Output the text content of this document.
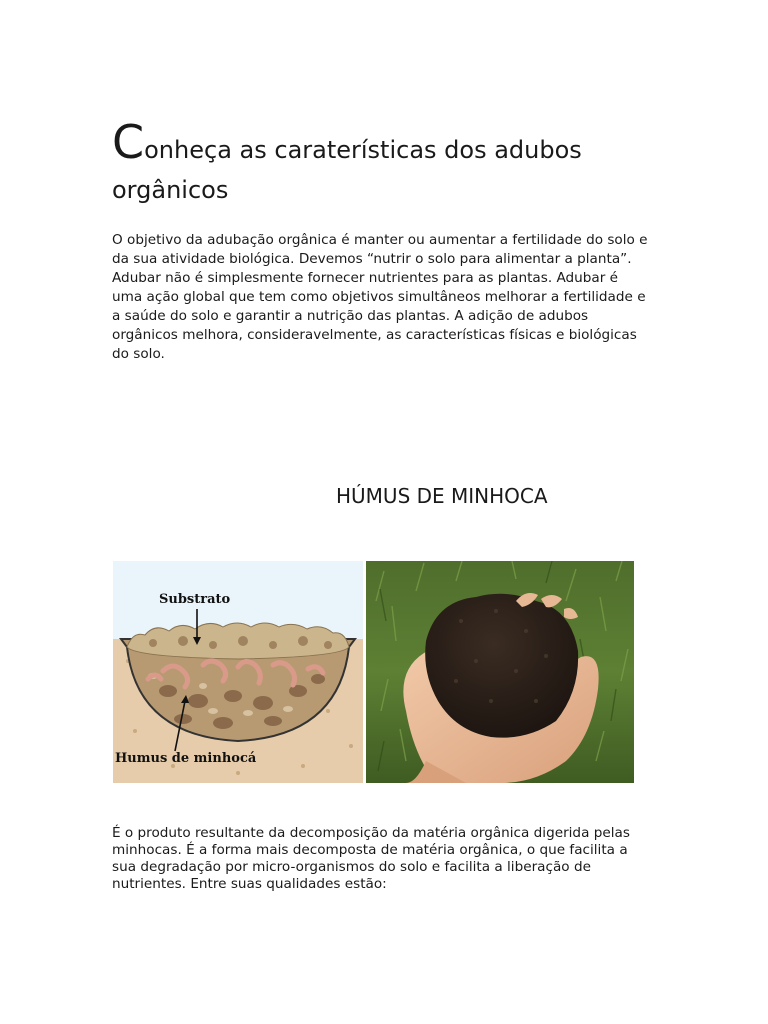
Conheça as caraterísticas dos adubos orgânicos

O objetivo da adubação orgânica é manter ou aumentar a fertilidade do solo e da sua atividade biológica. Devemos “nutrir o solo para alimentar a planta”. Adubar não é simplesmente fornecer nutrientes para as plantas. Adubar é uma ação global que tem como objetivos simultâneos melhorar a fertilidade e a saúde do solo e garantir a nutrição das plantas. A adição de adubos orgânicos melhora, consideravelmente, as características físicas e biológicas do solo.

HÚMUS DE MINHOCA
Substrato
Humus de minhocá

É o produto resultante da decomposição da matéria orgânica digerida pelas minhocas. É a forma mais decomposta de matéria orgânica, o que facilita a sua degradação por micro-organismos do solo e facilita a liberação de nutrientes. Entre suas qualidades estão:
